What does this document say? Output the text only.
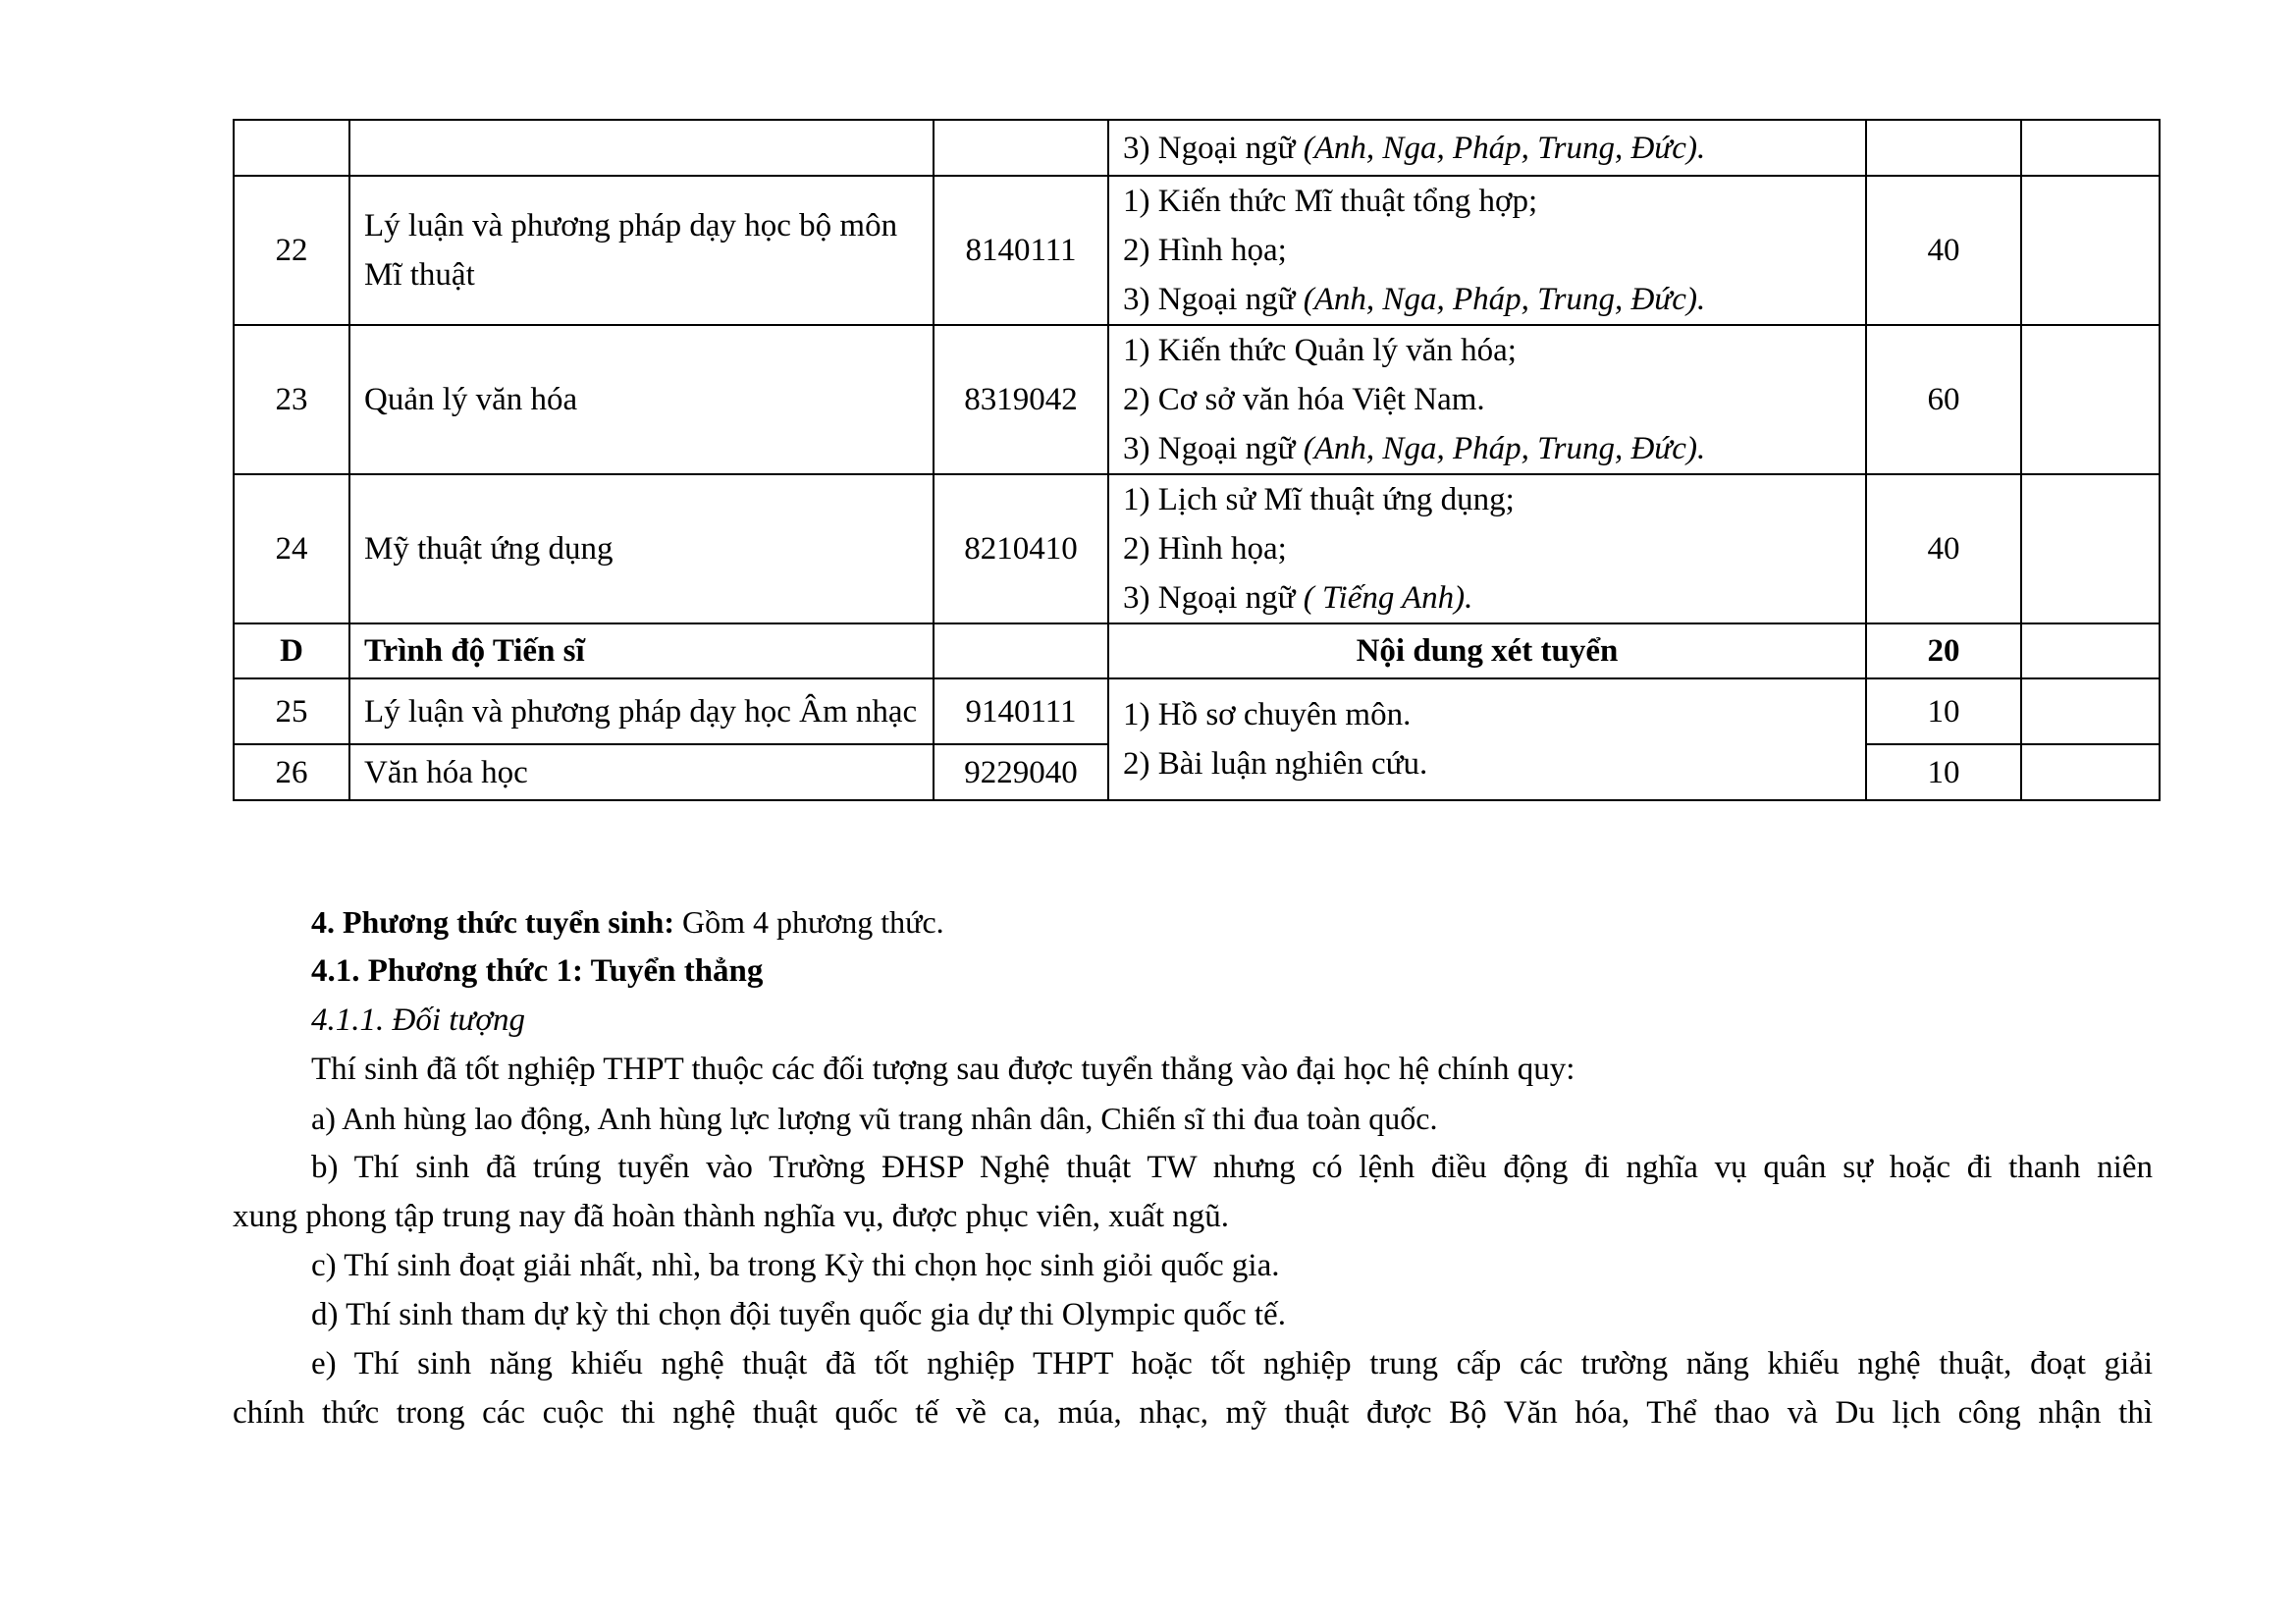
			3) Ngoại ngữ (Anh, Nga, Pháp, Trung, Đức).		
22	Lý luận và phương pháp dạy học bộ môn Mĩ thuật	8140111	1) Kiến thức Mĩ thuật tổng hợp;
2) Hình họa;
3) Ngoại ngữ (Anh, Nga, Pháp, Trung, Đức).	40	
23	Quản lý văn hóa	8319042	1) Kiến thức Quản lý văn hóa;
2) Cơ sở văn hóa Việt Nam.
3) Ngoại ngữ (Anh, Nga, Pháp, Trung, Đức).	60	
24	Mỹ thuật ứng dụng	8210410	1) Lịch sử Mĩ thuật ứng dụng;
2) Hình họa;
3) Ngoại ngữ ( Tiếng Anh).	40	
D	Trình độ Tiến sĩ		Nội dung xét tuyển	20	
25	Lý luận và phương pháp dạy học Âm nhạc	9140111	1) Hồ sơ chuyên môn.
2) Bài luận nghiên cứu.	10	
26	Văn hóa học	9229040		10	

4. Phương thức tuyển sinh: Gồm 4 phương thức.

4.1. Phương thức 1: Tuyển thẳng

4.1.1. Đối tượng

Thí sinh đã tốt nghiệp THPT thuộc các đối tượng sau được tuyển thẳng vào đại học hệ chính quy:

a) Anh hùng lao động, Anh hùng lực lượng vũ trang nhân dân, Chiến sĩ thi đua toàn quốc.

b) Thí sinh đã trúng tuyển vào Trường ĐHSP Nghệ thuật TW nhưng có lệnh điều động đi nghĩa vụ quân sự hoặc đi thanh niên

xung phong tập trung nay đã hoàn thành nghĩa vụ, được phục viên, xuất ngũ.

c) Thí sinh đoạt giải nhất, nhì, ba trong Kỳ thi chọn học sinh giỏi quốc gia.

d) Thí sinh tham dự kỳ thi chọn đội tuyển quốc gia dự thi Olympic quốc tế.

e) Thí sinh năng khiếu nghệ thuật đã tốt nghiệp THPT hoặc tốt nghiệp trung cấp các trường năng khiếu nghệ thuật, đoạt giải

chính thức trong các cuộc thi nghệ thuật quốc tế về ca, múa, nhạc, mỹ thuật được Bộ Văn hóa, Thể thao và Du lịch công nhận thì
